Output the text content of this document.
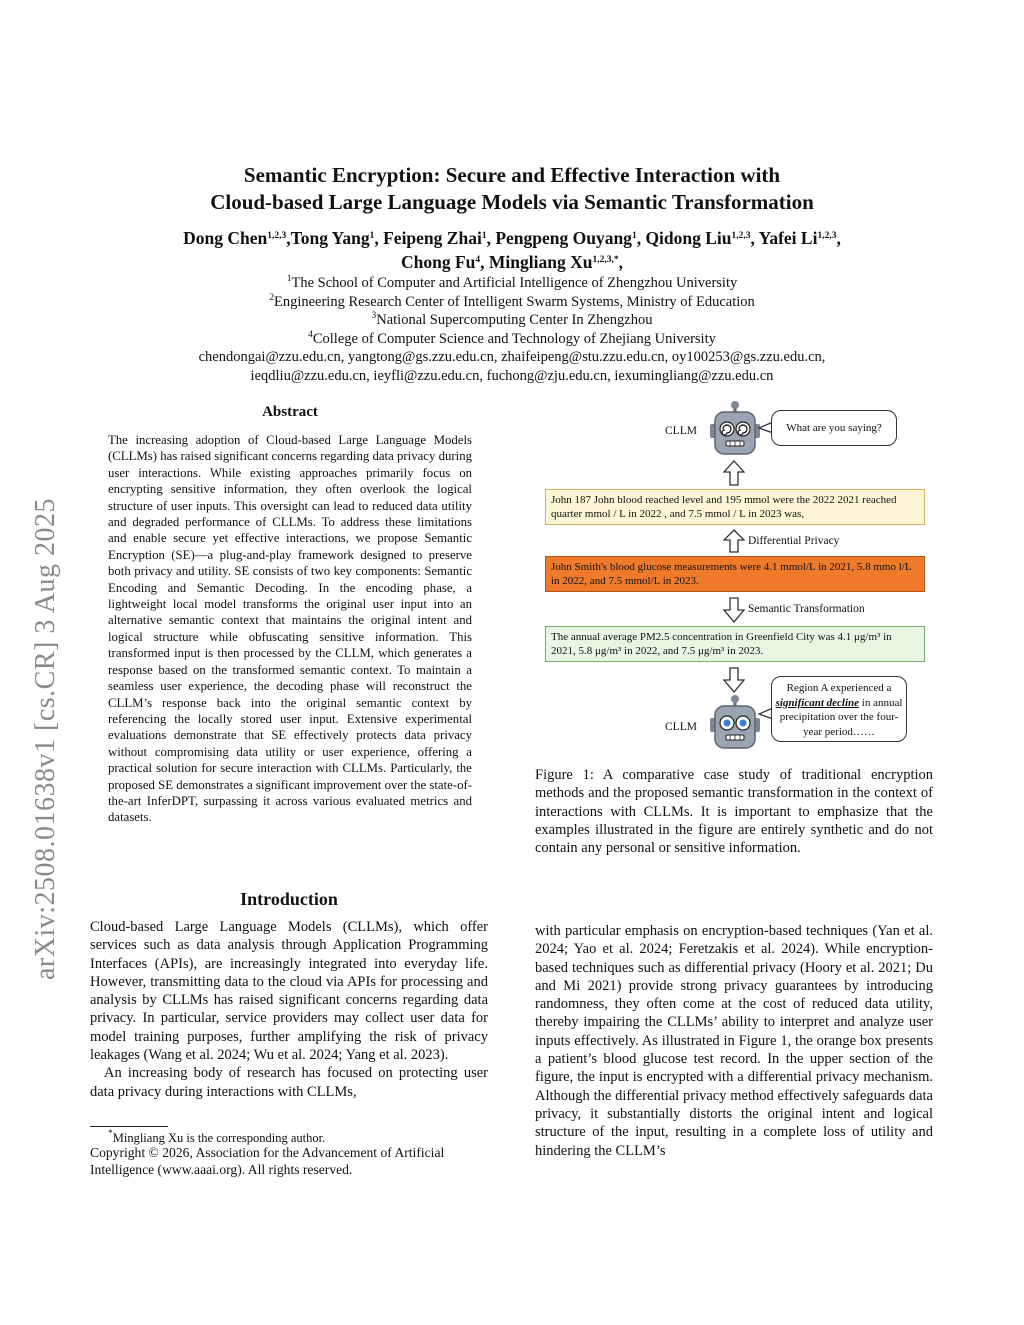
arXiv:2508.01638v1 [cs.CR] 3 Aug 2025
Semantic Encryption: Secure and Effective Interaction with
Cloud-based Large Language Models via Semantic Transformation
Dong Chen$^{1,2,3}$,Tong Yang$^1$, Feipeng Zhai$^1$, Pengpeng Ouyang$^1$, Qidong Liu$^{1,2,3}$, Yafei Li$^{1,2,3}$,
Chong Fu$^4$, Mingliang $Xu^{1,2,3,*}$,
$^1$The School of Computer and Artificial Intelligence of Zhengzhou University
$^2$Engineering Research Center of Intelligent Swarm Systems, Ministry of Education
$^3$National Supercomputing Center In Zhengzhou
$^4$College of Computer Science and Technology of Zhejiang University
chendongai@zzu.edu.cn, yangtong@gs.zzu.edu.cn, zhaifeipeng@stu.zzu.edu.cn, oy100253@gs.zzu.edu.cn,
ieqdliu@zzu.edu.cn, ieyfli@zzu.edu.cn, fuchong@zju.edu.cn, iexumingliang@zzu.edu.cn
Abstract
The increasing adoption of Cloud-based Large Language Models (CLLMs) has raised significant concerns regarding data privacy during user interactions. While existing approaches primarily focus on encrypting sensitive information, they often overlook the logical structure of user inputs. This oversight can lead to reduced data utility and degraded performance of CLLMs. To address these limitations and enable secure yet effective interactions, we propose Semantic Encryption (SE)—a plug-and-play framework designed to preserve both privacy and utility. SE consists of two key components: Semantic Encoding and Semantic Decoding. In the encoding phase, a lightweight local model transforms the original user input into an alternative semantic context that maintains the original intent and logical structure while obfuscating sensitive information. This transformed input is then processed by the CLLM, which generates a response based on the transformed semantic context. To maintain a seamless user experience, the decoding phase will reconstruct the CLLM’s response back into the original semantic context by referencing the locally stored user input. Extensive experimental evaluations demonstrate that SE effectively protects data privacy without compromising data utility or user experience, offering a practical solution for secure interaction with CLLMs. Particularly, the proposed SE demonstrates a significant improvement over the state-of-the-art InferDPT, surpassing it across various evaluated metrics and datasets.
Introduction

Cloud-based Large Language Models (CLLMs), which offer services such as data analysis through Application Programming Interfaces (APIs), are increasingly integrated into everyday life. However, transmitting data to the cloud via APIs for processing and analysis by CLLMs has raised significant concerns regarding data privacy. In particular, service providers may collect user data for model training purposes, further amplifying the risk of privacy leakages (Wang et al. 2024; Wu et al. 2024; Yang et al. 2023).

An increasing body of research has focused on protecting user data privacy during interactions with CLLMs,

*Mingliang Xu is the corresponding author.
Copyright © 2026, Association for the Advancement of Artificial Intelligence (www.aaai.org). All rights reserved.
CLLM	What are you saying?
John 187 John blood reached level and 195 mmol were the 2022 2021 reached quarter mmol / L in 2022 , and 7.5 mmol / L in 2023 was,
Differential Privacy
John Smith's blood glucose measurements were 4.1 mmol/L in 2021, 5.8 mmo l/L in 2022, and 7.5 mmol/L in 2023.
Semantic Transformation
The annual average PM2.5 concentration in Greenfield City was 4.1 μg/m³ in 2021, 5.8 μg/m³ in 2022, and 7.5 μg/m³ in 2023.
CLLM
Region A experienced a significant decline in annual precipitation over the four-year period……
Figure 1: A comparative case study of traditional encryption methods and the proposed semantic transformation in the context of interactions with CLLMs. It is important to emphasize that the examples illustrated in the figure are entirely synthetic and do not contain any personal or sensitive information.
with particular emphasis on encryption-based techniques (Yan et al. 2024; Yao et al. 2024; Feretzakis et al. 2024). While encryption-based techniques such as differential privacy (Hoory et al. 2021; Du and Mi 2021) provide strong privacy guarantees by introducing randomness, they often come at the cost of reduced data utility, thereby impairing the CLLMs’ ability to interpret and analyze user inputs effectively. As illustrated in Figure 1, the orange box presents a patient’s blood glucose test record. In the upper section of the figure, the input is encrypted with a differential privacy mechanism. Although the differential privacy method effectively safeguards data privacy, it substantially distorts the original intent and logical structure of the input, resulting in a complete loss of utility and hindering the CLLM’s
